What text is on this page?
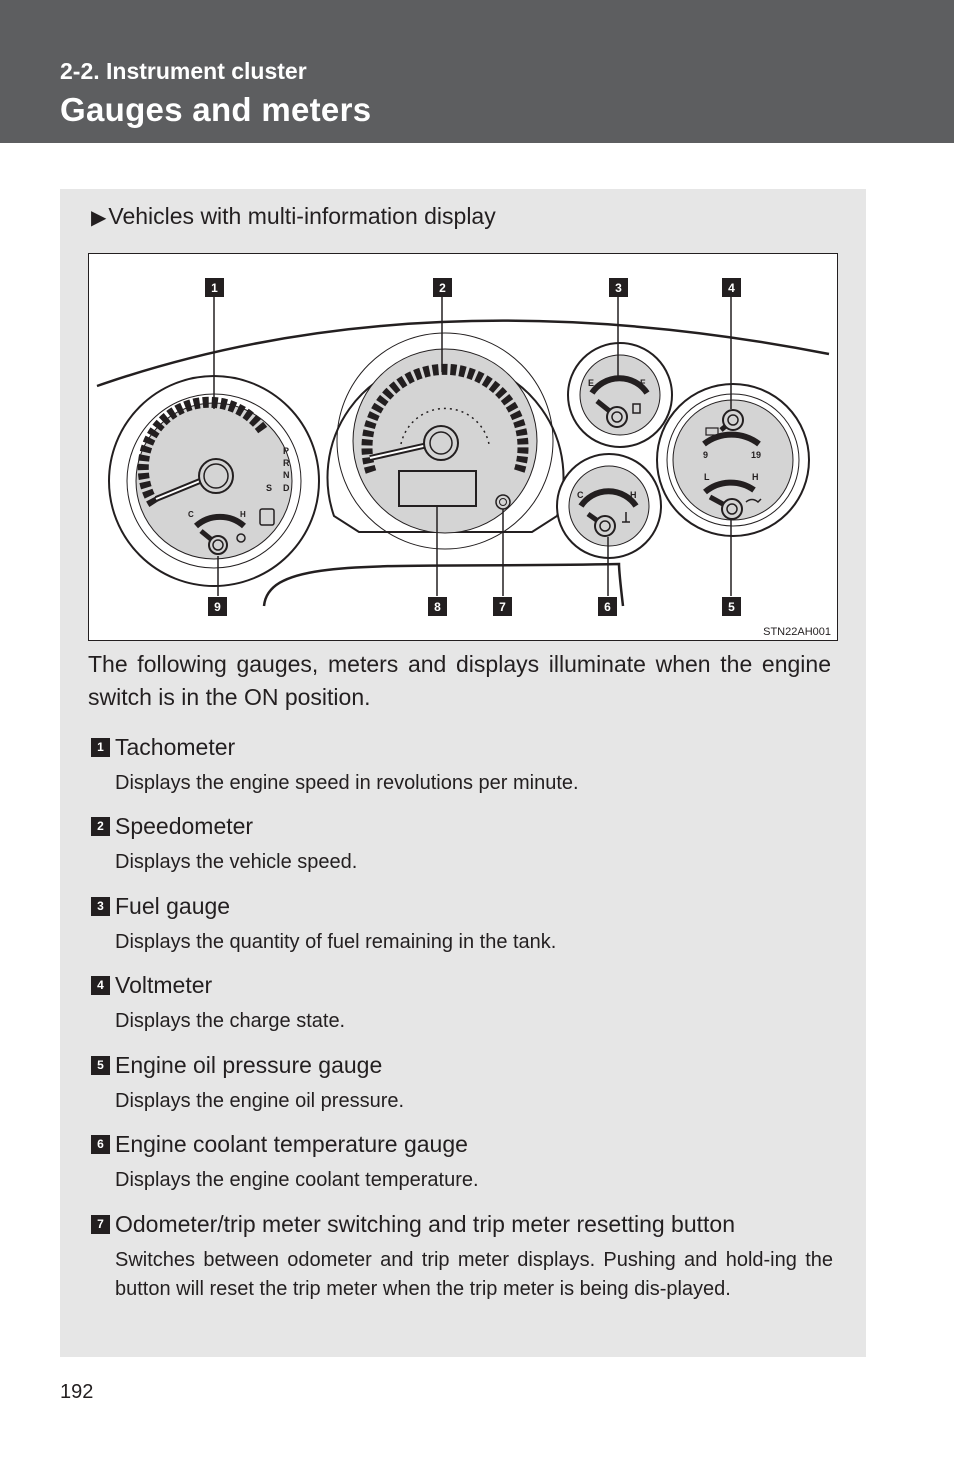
2-2. Instrument cluster
Gauges and meters
▶Vehicles with multi-information display
P
R
N
D
S
C	H
E	F
C	H
9	19
L	H
1	2	3	4
5
6
7
8
9
STN22AH001
The following gauges, meters and displays illuminate when the engine switch is in the ON position.
1 Tachometer
Displays the engine speed in revolutions per minute.
2 Speedometer
Displays the vehicle speed.
3 Fuel gauge
Displays the quantity of fuel remaining in the tank.
4 Voltmeter
Displays the charge state.
5 Engine oil pressure gauge
Displays the engine oil pressure.
6 Engine coolant temperature gauge
Displays the engine coolant temperature.
7 Odometer/trip meter switching and trip meter resetting button
Switches between odometer and trip meter displays. Pushing and hold-ing the button will reset the trip meter when the trip meter is being dis-played.
192
